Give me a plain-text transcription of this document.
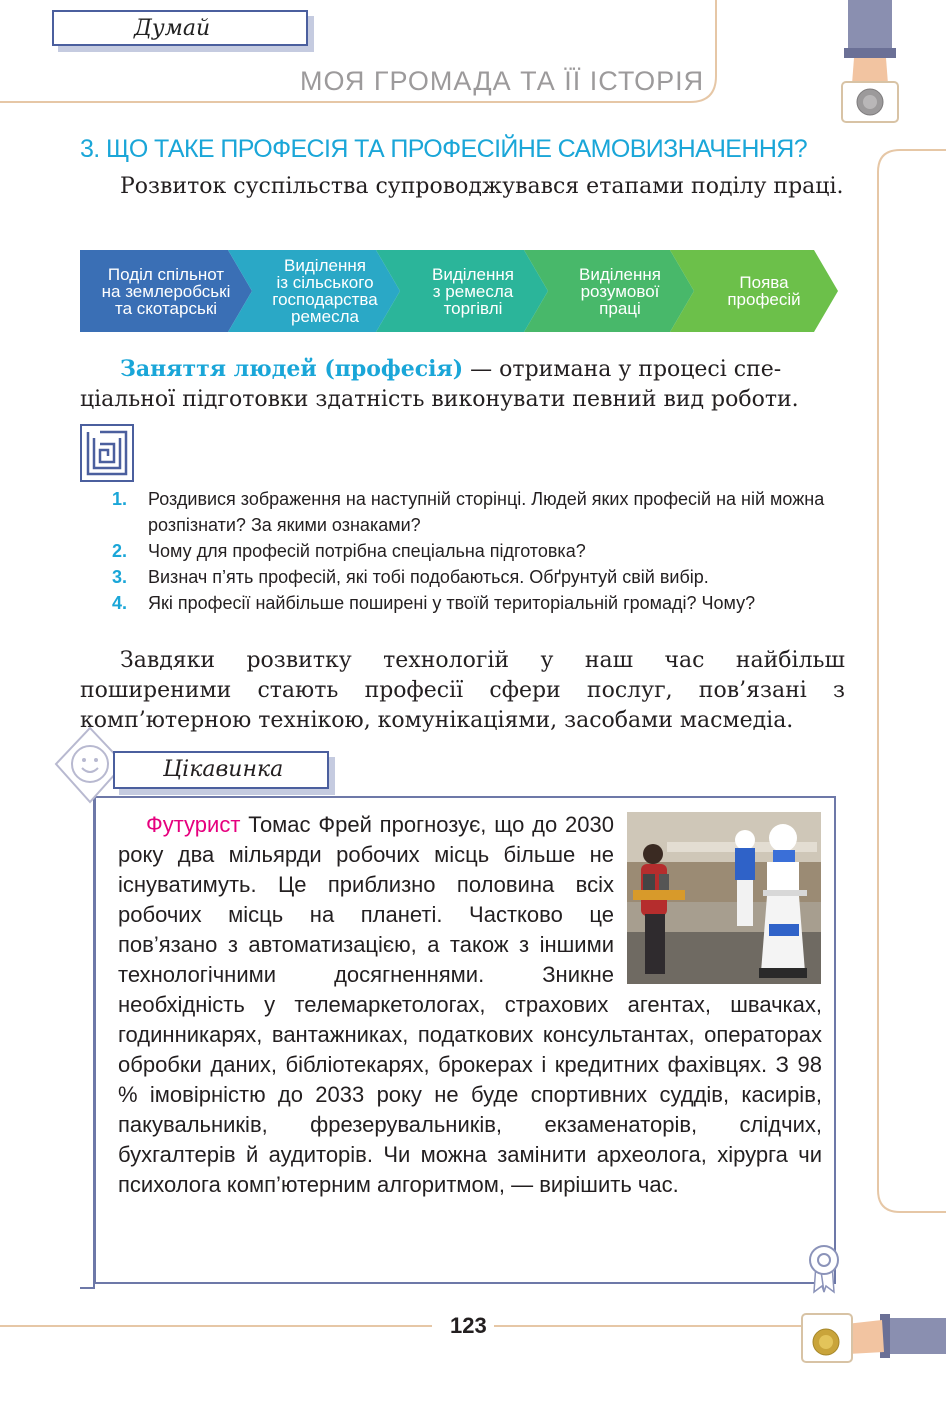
МОЯ ГРОМАДА ТА ЇЇ ІСТОРІЯ
3. ЩО ТАКЕ ПРОФЕСІЯ ТА ПРОФЕСІЙНЕ САМОВИЗНАЧЕННЯ?
Розвиток суспільства супроводжувався етапами поділу праці.
Поділ спільнот
на землеробські
та скотарські
Виділення
із сільського
господарства
ремесла
Виділення
з ремесла
торгівлі
Виділення
розумової
праці
Поява
професій
Заняття людей (професія) — отримана у процесі спе-
ціальної підготовки здатність виконувати певний вид роботи.
Думай
1.	Роздивися зображення на наступній сторінці. Людей яких професій на ній можна розпізнати? За якими ознаками?
2.	Чому для професій потрібна спеціальна підготовка?
3.	Визнач п’ять професій, які тобі подобаються. Обґрунтуй свій вибір.
4.	Які професії найбільше поширені у твоїй територіальній громаді? Чому?
Завдяки розвитку технологій у наш час найбільш поширеними стають професії сфери послуг, пов’язані з комп’ютерною технікою, комунікаціями, засобами масмедіа.
Цікавинка
Футурист Томас Фрей прогнозує, що до 2030 року два мільярди робочих місць більше не існуватимуть. Це приблизно половина всіх робочих місць на планеті. Частково це пов’язано з автоматизацією, а також з іншими технологічними досягненнями. Зникне необхідність у телемаркетологах, страхових агентах, швачках, годинникарях, вантажниках, податкових консультантах, операторах обробки даних, бібліотекарях, брокерах і кредитних фахівцях. З 98 % імовірністю до 2033 року не буде спортивних суддів, касирів, пакувальників, фрезерувальників, екзаменаторів, слідчих, бухгалтерів й аудиторів. Чи можна замінити археолога, хірурга чи психолога комп’ютерним алгоритмом, — вирішить час.
123
